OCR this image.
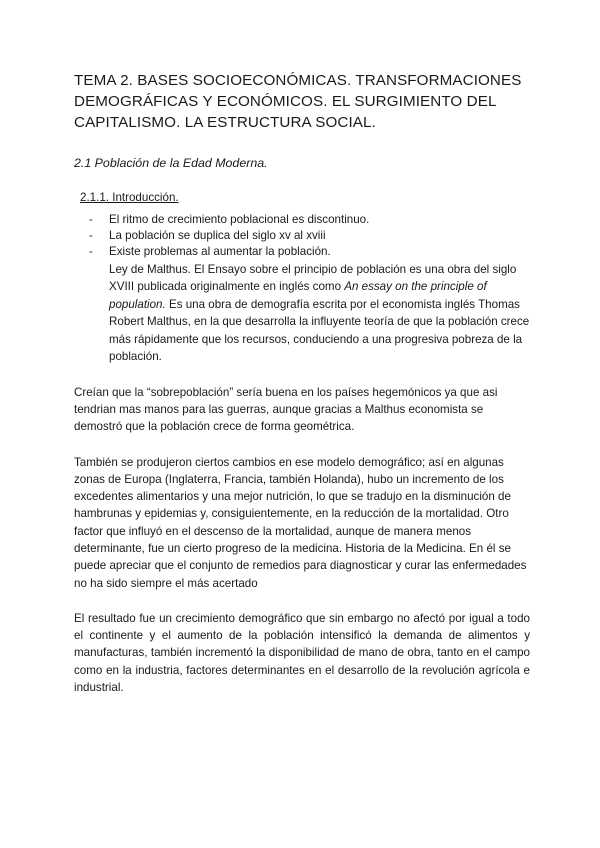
TEMA 2. BASES SOCIOECONÓMICAS. TRANSFORMACIONES DEMOGRÁFICAS Y ECONÓMICOS. EL SURGIMIENTO DEL CAPITALISMO. LA ESTRUCTURA SOCIAL.

2.1 Población de la Edad Moderna.

2.1.1. Introducción.

- El ritmo de crecimiento poblacional es discontinuo.
- La población se duplica del siglo xv al xviii
- Existe problemas al aumentar la población.

Ley de Malthus. El Ensayo sobre el principio de población es una obra del siglo XVIII publicada originalmente en inglés como An essay on the principle of population. Es una obra de demografía escrita por el economista inglés Thomas Robert Malthus, en la que desarrolla la influyente teoría de que la población crece más rápidamente que los recursos, conduciendo a una progresiva pobreza de la población.

Creían que la “sobrepoblación” sería buena en los países hegemónicos ya que asi tendrian mas manos para las guerras, aunque gracias a Malthus economista se demostró que la población crece de forma geométrica.

También se produjeron ciertos cambios en ese modelo demográfico; así en algunas zonas de Europa (Inglaterra, Francia, también Holanda), hubo un incremento de los excedentes alimentarios y una mejor nutrición, lo que se tradujo en la disminución de hambrunas y epidemias y, consiguientemente, en la reducción de la mortalidad. Otro factor que influyó en el descenso de la mortalidad, aunque de manera menos determinante, fue un cierto progreso de la medicina. Historia de la Medicina. En él se puede apreciar que el conjunto de remedios para diagnosticar y curar las enfermedades no ha sido siempre el más acertado

El resultado fue un crecimiento demográfico que sin embargo no afectó por igual a todo el continente y el aumento de la población intensificó la demanda de alimentos y manufacturas, también incrementó la disponibilidad de mano de obra, tanto en el campo como en la industria, factores determinantes en el desarrollo de la revolución agrícola e industrial.
